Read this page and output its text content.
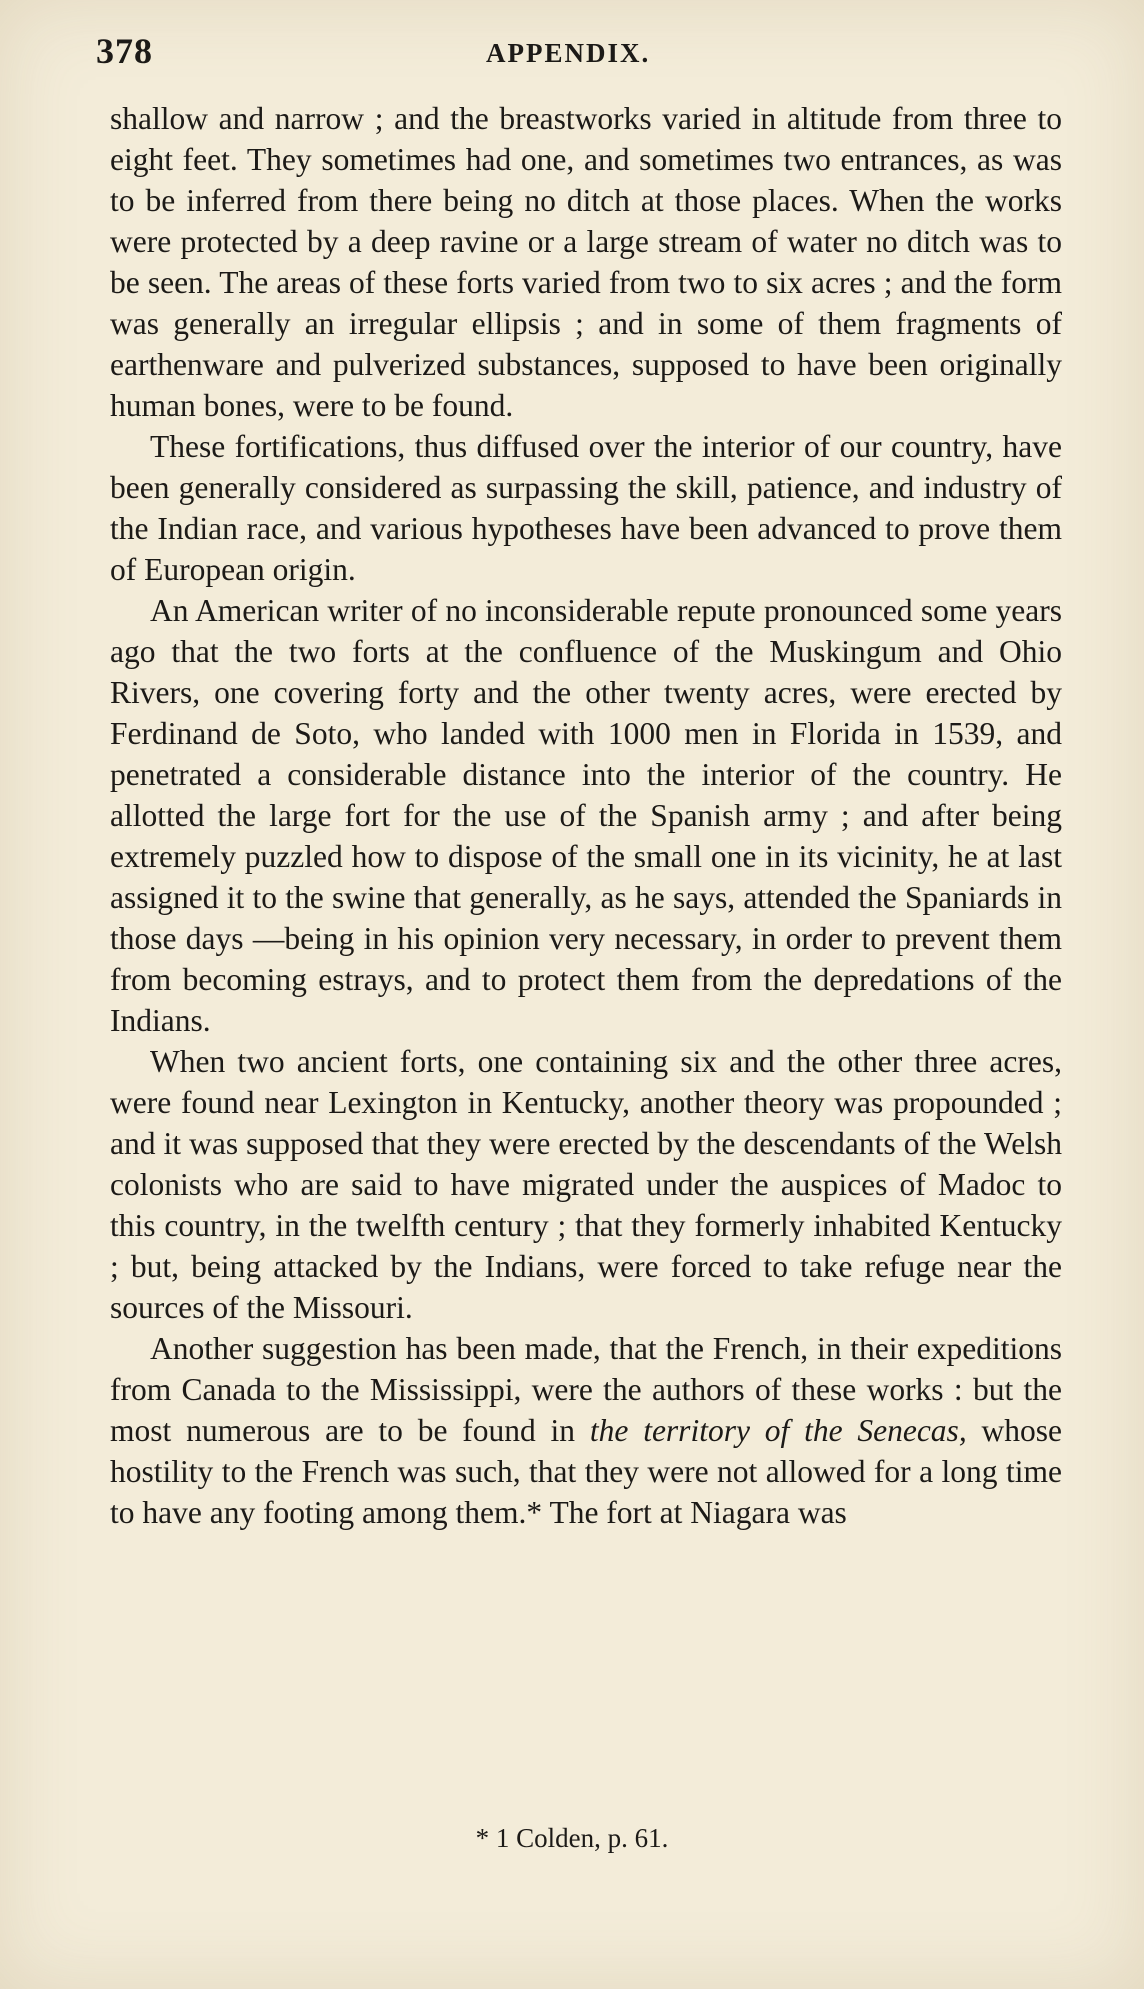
378	APPENDIX.

shallow and narrow ; and the breastworks varied in altitude from three to eight feet. They sometimes had one, and sometimes two entrances, as was to be inferred from there being no ditch at those places. When the works were protected by a deep ravine or a large stream of water no ditch was to be seen. The areas of these forts varied from two to six acres ; and the form was generally an irregular ellipsis ; and in some of them fragments of earthenware and pulverized substances, supposed to have been originally human bones, were to be found.

These fortifications, thus diffused over the interior of our country, have been generally considered as surpassing the skill, patience, and industry of the Indian race, and various hypotheses have been advanced to prove them of European origin.

An American writer of no inconsiderable repute pronounced some years ago that the two forts at the confluence of the Muskingum and Ohio Rivers, one covering forty and the other twenty acres, were erected by Ferdinand de Soto, who landed with 1000 men in Florida in 1539, and penetrated a considerable distance into the interior of the country. He allotted the large fort for the use of the Spanish army ; and after being extremely puzzled how to dispose of the small one in its vicinity, he at last assigned it to the swine that generally, as he says, attended the Spaniards in those days —being in his opinion very necessary, in order to prevent them from becoming estrays, and to protect them from the depredations of the Indians.

When two ancient forts, one containing six and the other three acres, were found near Lexington in Kentucky, another theory was propounded ; and it was supposed that they were erected by the descendants of the Welsh colonists who are said to have migrated under the auspices of Madoc to this country, in the twelfth century ; that they formerly inhabited Kentucky ; but, being attacked by the Indians, were forced to take refuge near the sources of the Missouri.

Another suggestion has been made, that the French, in their expeditions from Canada to the Mississippi, were the authors of these works : but the most numerous are to be found in the territory of the Senecas, whose hostility to the French was such, that they were not allowed for a long time to have any footing among them.* The fort at Niagara was

* 1 Colden, p. 61.
